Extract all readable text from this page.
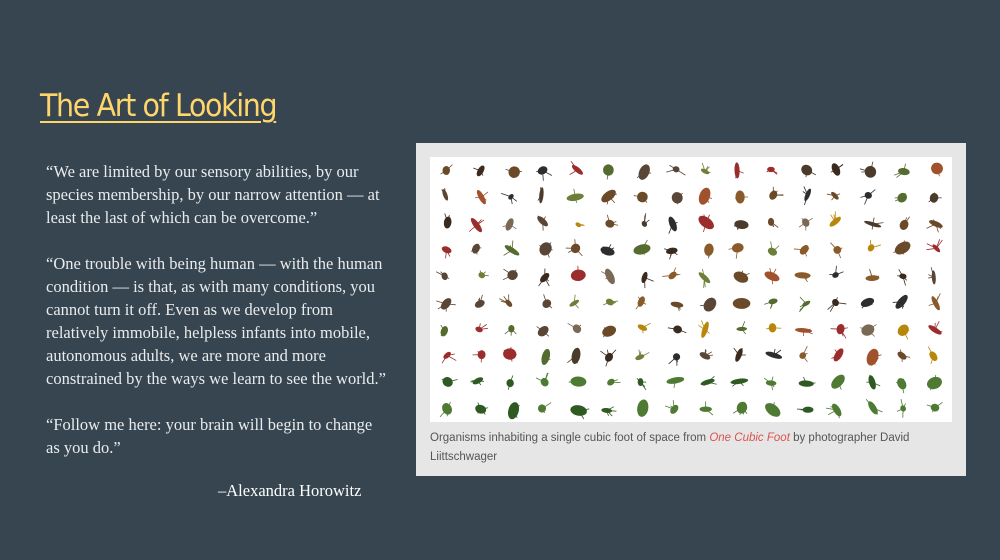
The Art of Looking

“We are limited by our sensory abilities, by our species membership, by our narrow attention — at least the last of which can be overcome.”

“One trouble with being human — with the human condition — is that, as with many conditions, you cannot turn it off. Even as we develop from relatively immobile, helpless infants into mobile, autonomous adults, we are more and more constrained by the ways we learn to see the world.”

“Follow me here: your brain will begin to change as you do.”

–Alexandra Horowitz
Organisms inhabiting a single cubic foot of space from One Cubic Foot by photographer David Liittschwager
